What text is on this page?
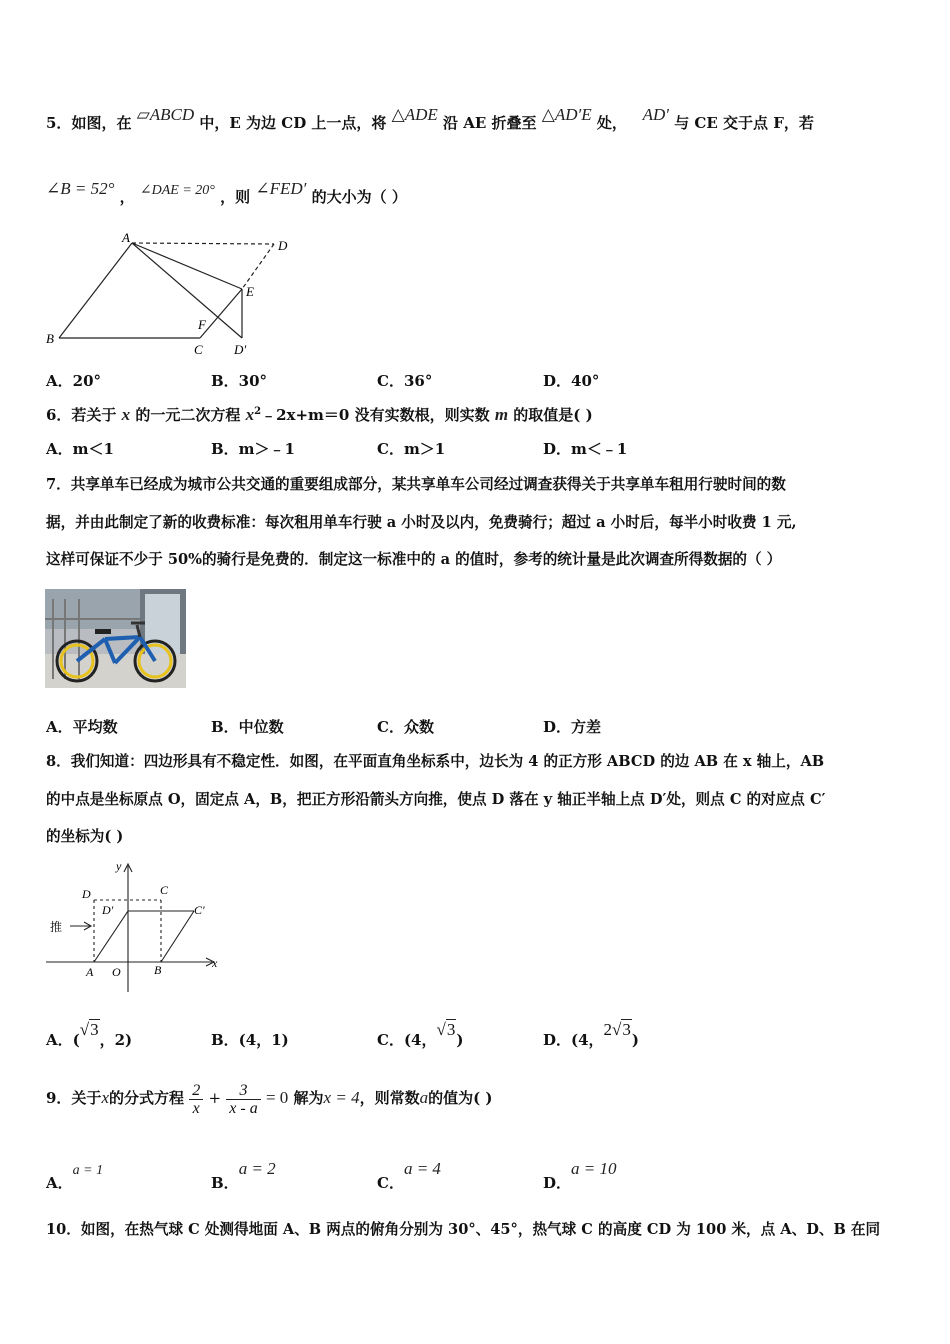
5．如图，在 ▱ABCD 中，E 为边 CD 上一点，将 △ADE 沿 AE 折叠至 △AD′E 处， AD′ 与 CE 交于点 F，若
∠B = 52° ， ∠DAE = 20° ，则 ∠FED′ 的大小为（ ）
A
B
C
D
E
F
D′
A．20°	B．30°	C．36°	D．40°
6．若关于 x 的一元二次方程 $x^2﹣2x+m=0$ 没有实数根，则实数 m 的取值是( )
A．m＜1	B．m＞﹣1	C．m＞1	D．m＜﹣1
7．共享单车已经成为城市公共交通的重要组成部分，某共享单车公司经过调查获得关于共享单车租用行驶时间的数
据，并由此制定了新的收费标准：每次租用单车行驶 a 小时及以内，免费骑行；超过 a 小时后，每半小时收费 1 元,
这样可保证不少于 50%的骑行是免费的．制定这一标准中的 a 的值时，参考的统计量是此次调查所得数据的（ ）
A．平均数	B．中位数	C．众数	D．方差
8．我们知道：四边形具有不稳定性．如图，在平面直角坐标系中，边长为 4 的正方形 ABCD 的边 AB 在 x 轴上，AB
的中点是坐标原点 O，固定点 A，B，把正方形沿箭头方向推，使点 D 落在 y 轴正半轴上点 D′处，则点 C 的对应点 C′
的坐标为( )
y
x
D	C
D′	C′
推
A O	B
A．(√3，2)	B．(4，1)	C．(4，√3)	D．(4，2√3)
9．关于x的分式方程 $\frac{2}{x} + \frac{3}{x - a} = 0$ 解为x = 4，则常数a的值为( )
A．a = 1
B．a = 2
C．a = 4
D．a = 10
10．如图，在热气球 C 处测得地面 A、B 两点的俯角分别为 30°、45°，热气球 C 的高度 CD 为 100 米，点 A、D、B 在同
